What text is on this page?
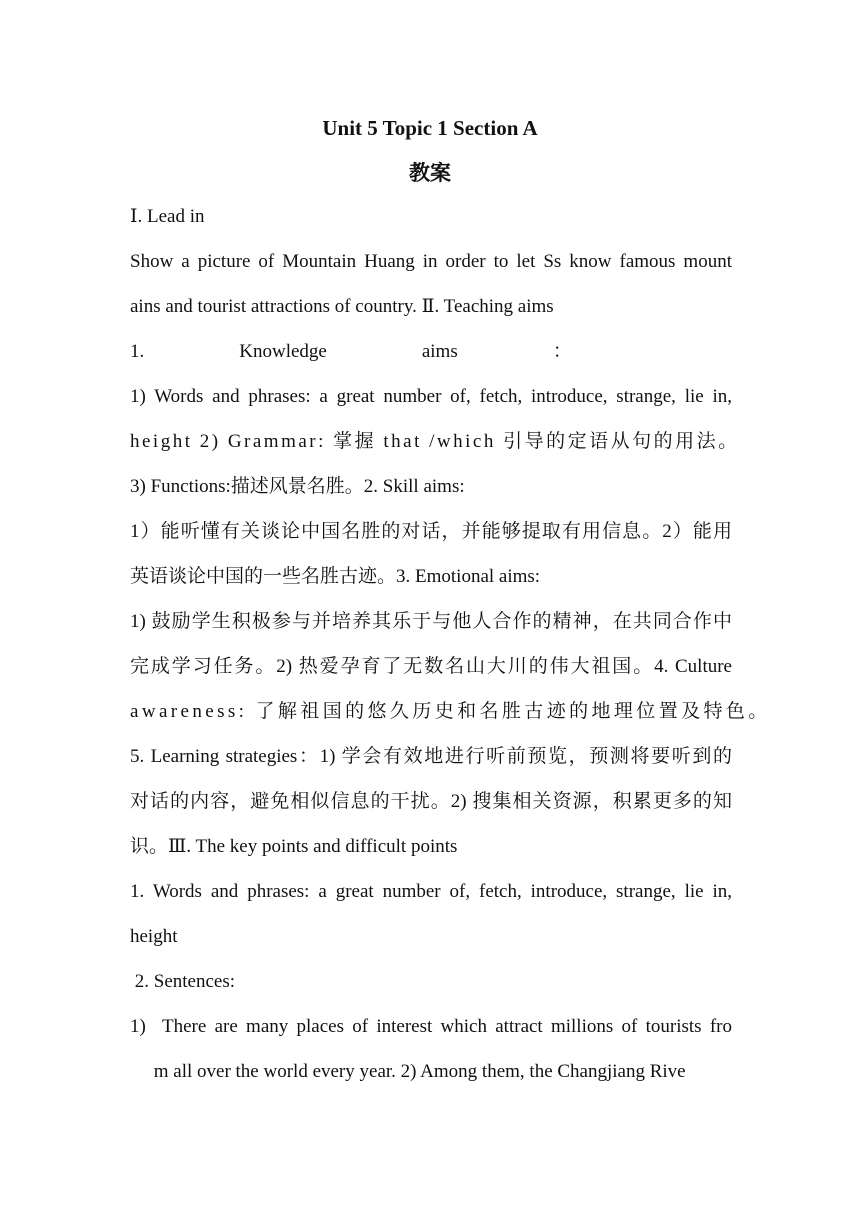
Unit 5 Topic 1 Section A
教案
Ⅰ. Lead in
Show a picture of Mountain Huang in order to let Ss know famous mount
ains and tourist attractions of country. Ⅱ. Teaching aims
1.                    Knowledge                    aims                    ：
1) Words and phrases: a great number of, fetch, introduce, strange, lie in,
height 2) Grammar: 掌握 that /which 引导的定语从句的用法。
3) Functions:描述风景名胜。2. Skill aims:
1）能听懂有关谈论中国名胜的对话，并能够提取有用信息。2）能用
英语谈论中国的一些名胜古迹。3. Emotional aims:
1) 鼓励学生积极参与并培养其乐于与他人合作的精神，在共同合作中
完成学习任务。2) 热爱孕育了无数名山大川的伟大祖国。4. Culture
awareness: 了解祖国的悠久历史和名胜古迹的地理位置及特色。
5. Learning strategies：1) 学会有效地进行听前预览，预测将要听到的
对话的内容，避免相似信息的干扰。2) 搜集相关资源，积累更多的知
识。Ⅲ. The key points and difficult points
1. Words and phrases: a great number of, fetch, introduce, strange, lie in,
height
2. Sentences:
1)  There are many places of interest which attract millions of tourists fro
m all over the world every year. 2) Among them, the Changjiang Rive
